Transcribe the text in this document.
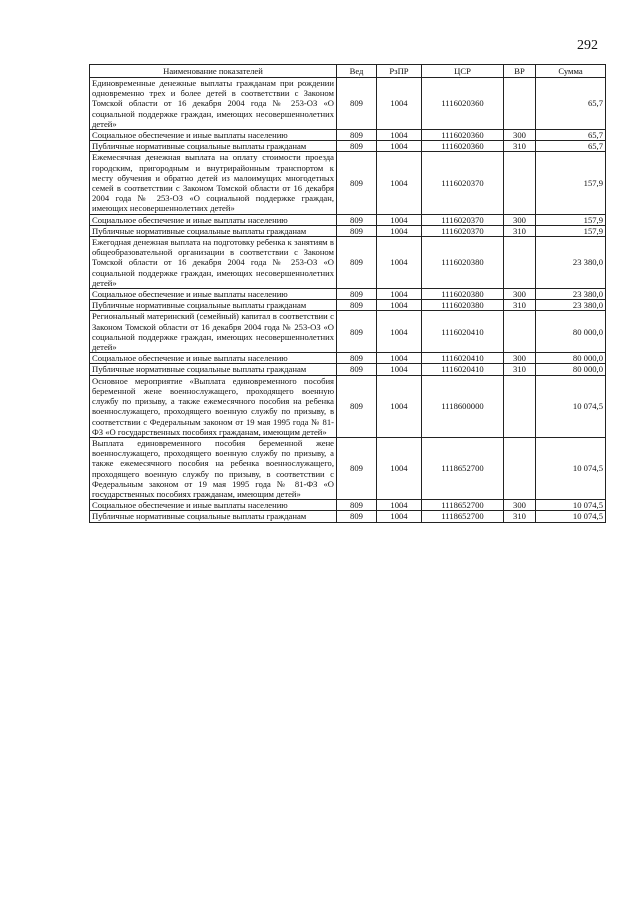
292
Наименование показателей	Вед	РзПР	ЦСР	ВР	Сумма
Единовременные денежные выплаты гражданам при рождении одновременно трех и более детей в соответствии с Законом Томской области от 16 декабря 2004 года № 253-ОЗ «О социальной поддержке граждан, имеющих несовершеннолетних детей»	809	1004	1116020360		65,7
Социальное обеспечение и иные выплаты населению	809	1004	1116020360	300	65,7
Публичные нормативные социальные выплаты гражданам	809	1004	1116020360	310	65,7
Ежемесячная денежная выплата на оплату стоимости проезда городским, пригородным и внутрирайонным транспортом к месту обучения и обратно детей из малоимущих многодетных семей в соответствии с Законом Томской области от 16 декабря 2004 года № 253-ОЗ «О социальной поддержке граждан, имеющих несовершеннолетних детей»	809	1004	1116020370		157,9
Социальное обеспечение и иные выплаты населению	809	1004	1116020370	300	157,9
Публичные нормативные социальные выплаты гражданам	809	1004	1116020370	310	157,9
Ежегодная денежная выплата на подготовку ребенка к занятиям в общеобразовательной организации в соответствии с Законом Томской области от 16 декабря 2004 года № 253-ОЗ «О социальной поддержке граждан, имеющих несовершеннолетних детей»	809	1004	1116020380		23 380,0
Социальное обеспечение и иные выплаты населению	809	1004	1116020380	300	23 380,0
Публичные нормативные социальные выплаты гражданам	809	1004	1116020380	310	23 380,0
Региональный материнский (семейный) капитал в соответствии с Законом Томской области от 16 декабря 2004 года № 253-ОЗ «О социальной поддержке граждан, имеющих несовершеннолетних детей»	809	1004	1116020410		80 000,0
Социальное обеспечение и иные выплаты населению	809	1004	1116020410	300	80 000,0
Публичные нормативные социальные выплаты гражданам	809	1004	1116020410	310	80 000,0
Основное мероприятие «Выплата единовременного пособия беременной жене военнослужащего, проходящего военную службу по призыву, а также ежемесячного пособия на ребенка военнослужащего, проходящего военную службу по призыву, в соответствии с Федеральным законом от 19 мая 1995 года № 81-ФЗ «О государственных пособиях гражданам, имеющим детей»	809	1004	1118600000		10 074,5
Выплата единовременного пособия беременной жене военнослужащего, проходящего военную службу по призыву, а также ежемесячного пособия на ребенка военнослужащего, проходящего военную службу по призыву, в соответствии с Федеральным законом от 19 мая 1995 года № 81-ФЗ «О государственных пособиях гражданам, имеющим детей»	809	1004	1118652700		10 074,5
Социальное обеспечение и иные выплаты населению	809	1004	1118652700	300	10 074,5
Публичные нормативные социальные выплаты гражданам	809	1004	1118652700	310	10 074,5
